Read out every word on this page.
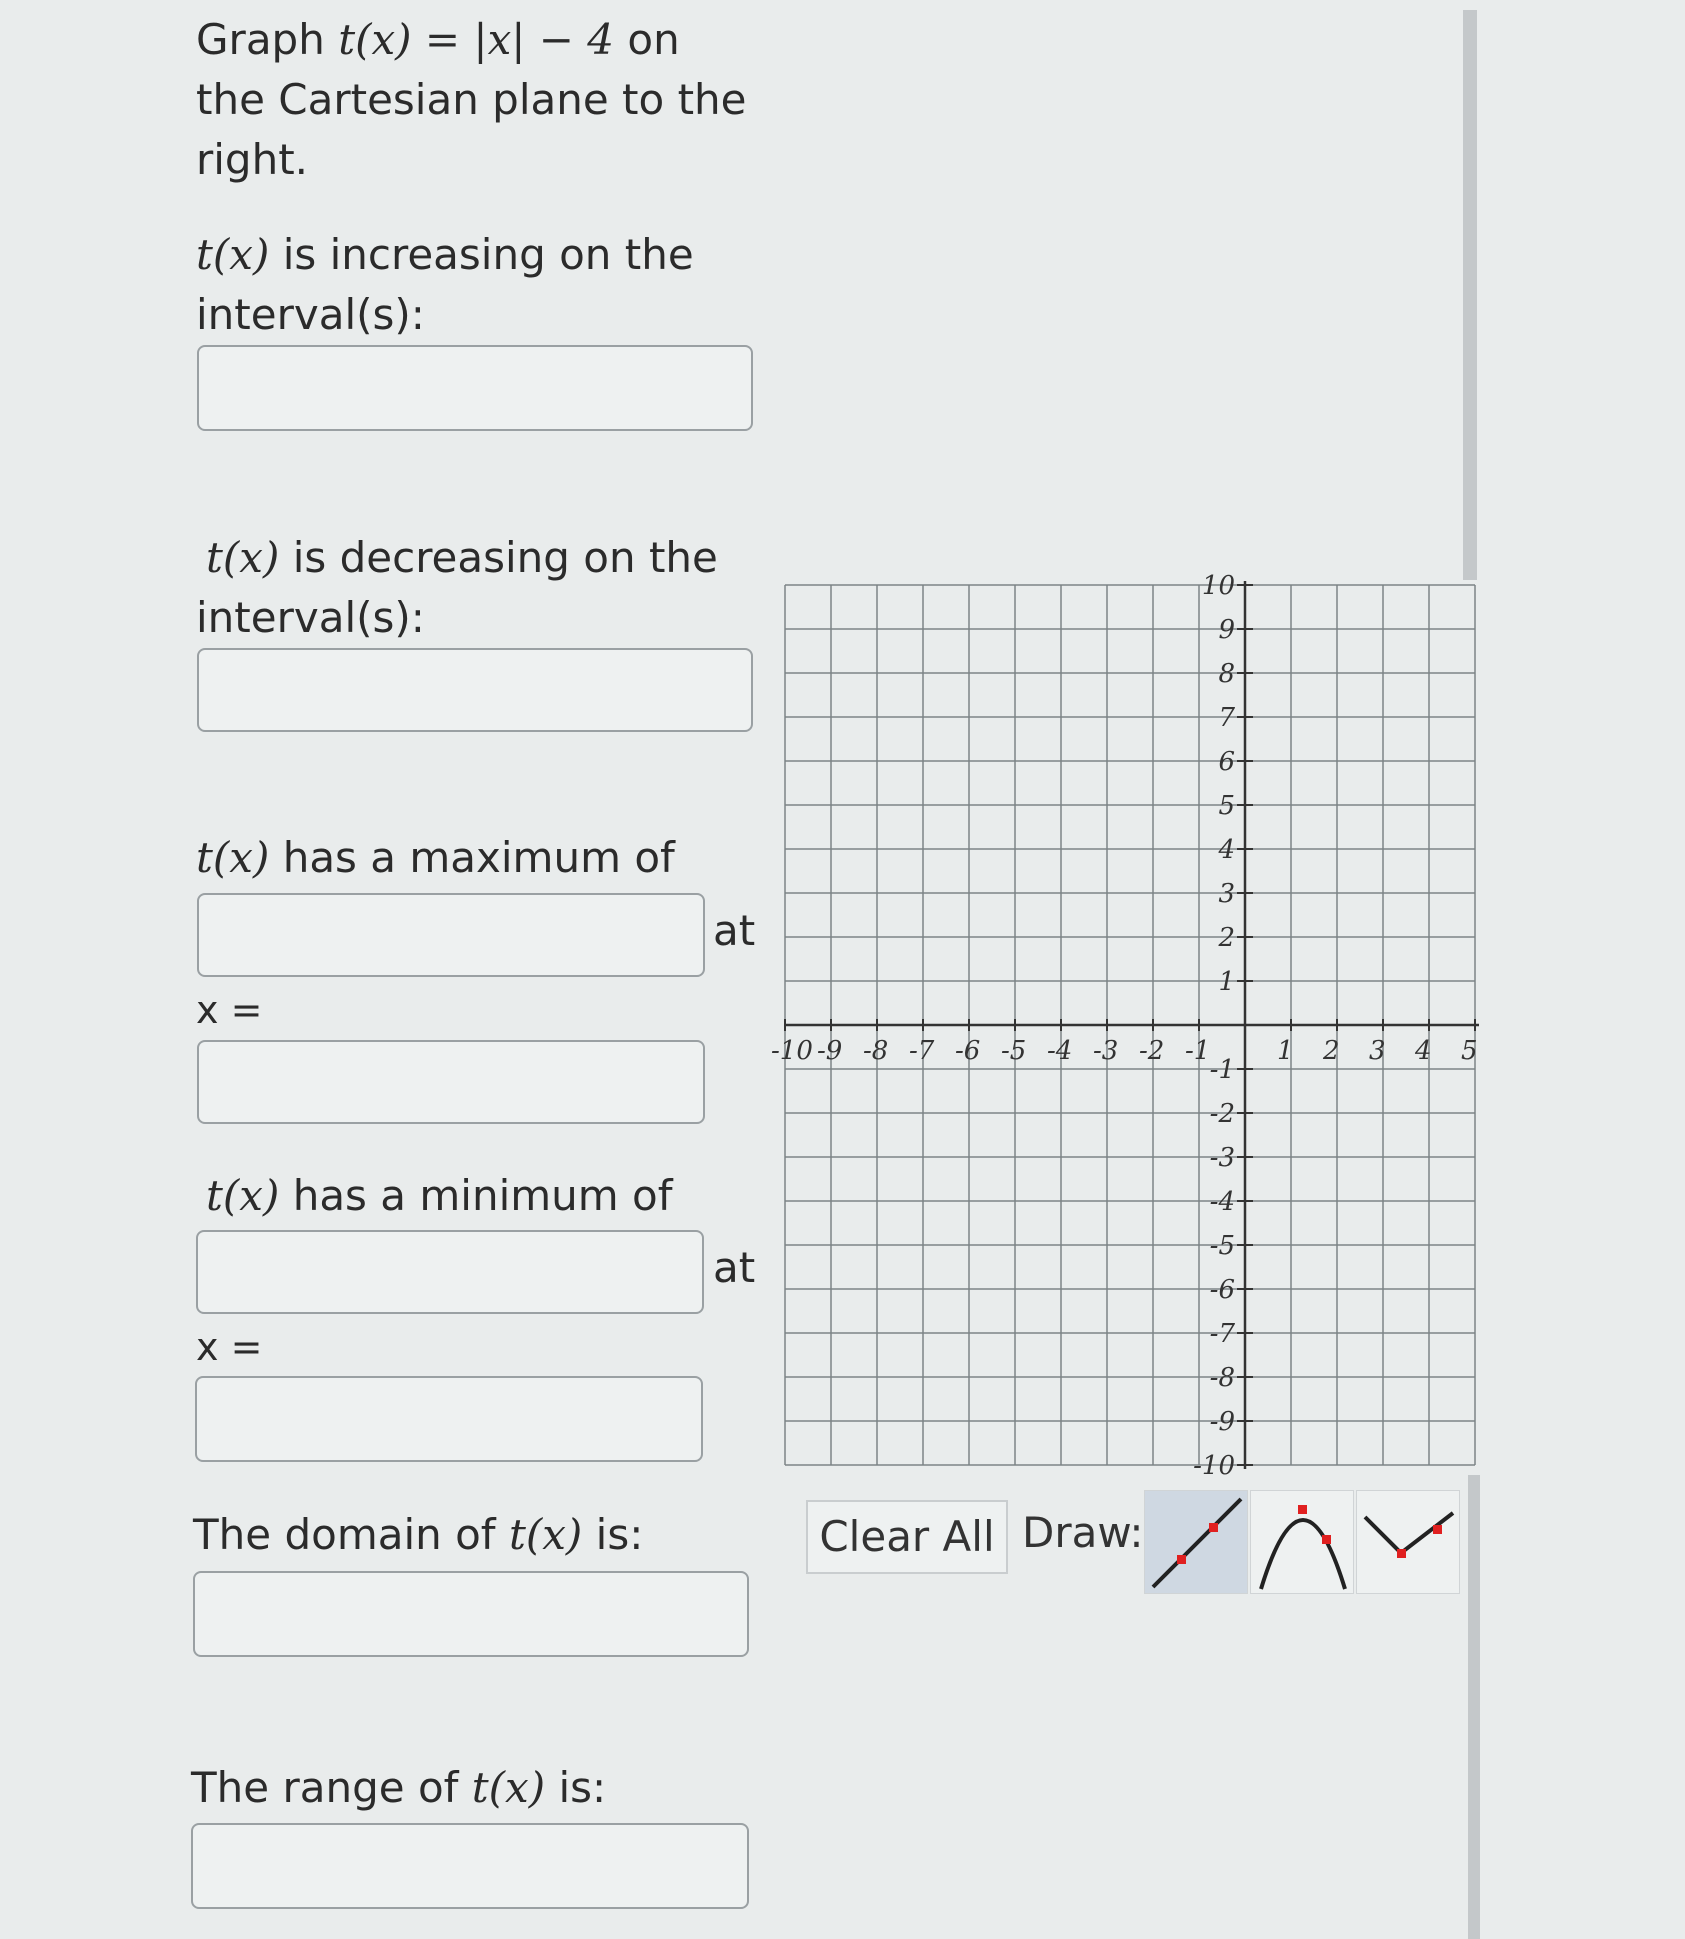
Graph t(x) = |x| − 4 on
the Cartesian plane to the
right.
t(x) is increasing on the
interval(s):
t(x) is decreasing on the
interval(s):
t(x) has a maximum of
at
x =
t(x) has a minimum of
at
x =
The domain of t(x) is:
The range of t(x) is:
-10 -9 -8 -7 -6 -5 -4 -3 -2 -1	1 2 3 4 5
10
9
8
7
6
5
4
3
2
1
-1
-2
-3
-4
-5
-6
-7
-8
-9
-10
Clear All Draw:
